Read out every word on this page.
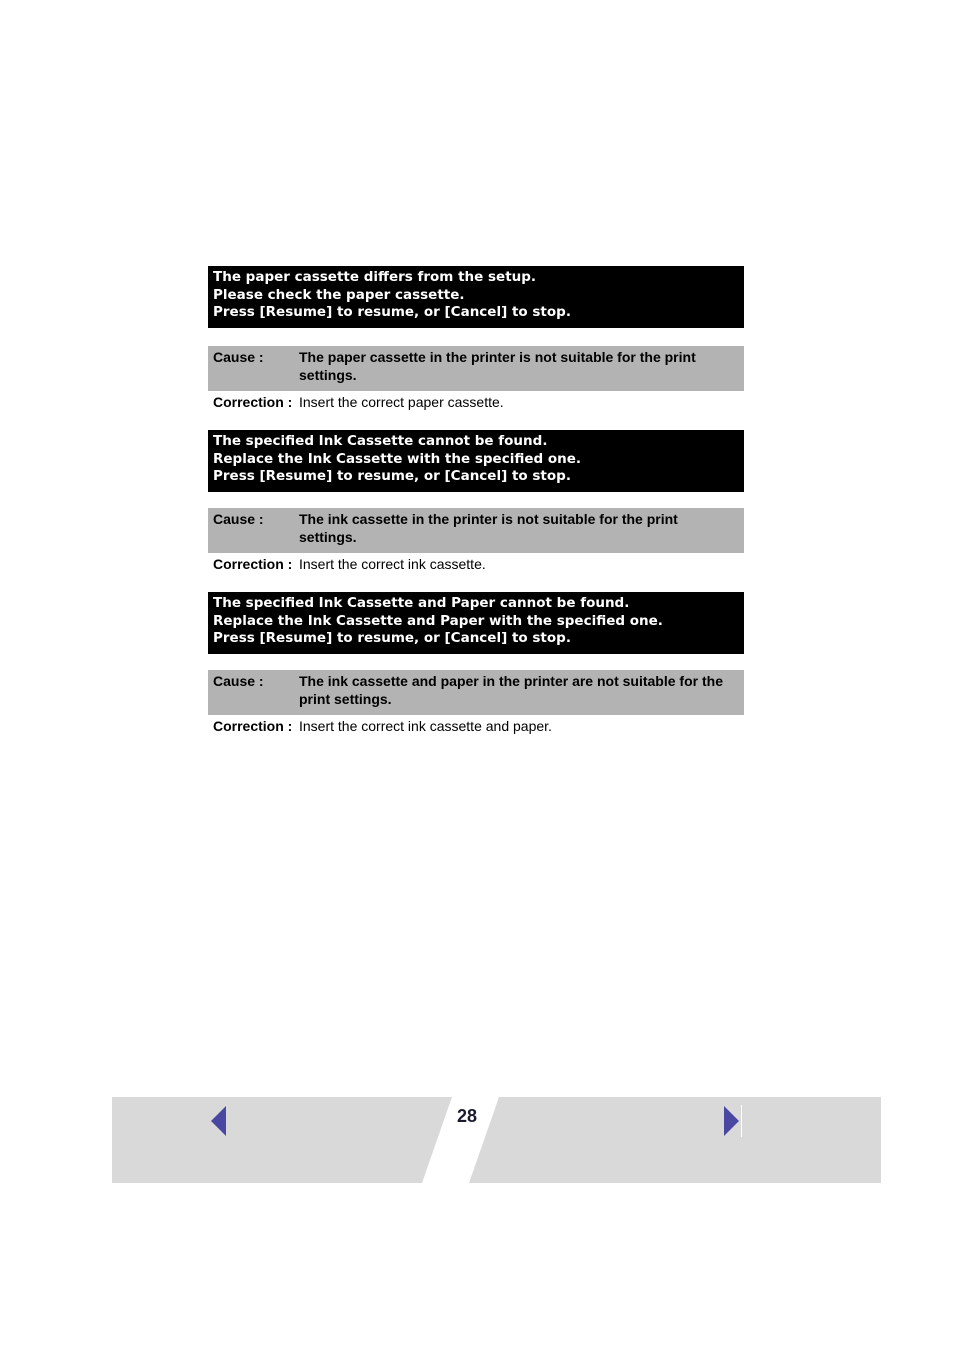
The paper cassette differs from the setup.
Please check the paper cassette.
Press [Resume] to resume, or [Cancel] to stop.
Cause :	The paper cassette in the printer is not suitable for the print settings.
Correction : Insert the correct paper cassette.
The specified Ink Cassette cannot be found.
Replace the Ink Cassette with the specified one.
Press [Resume] to resume, or [Cancel] to stop.
Cause :	The ink cassette in the printer is not suitable for the print settings.
Correction : Insert the correct ink cassette.
The specified Ink Cassette and Paper cannot be found.
Replace the Ink Cassette and Paper with the specified one.
Press [Resume] to resume, or [Cancel] to stop.
Cause :	The ink cassette and paper in the printer are not suitable for the print settings.
Correction : Insert the correct ink cassette and paper.
28
